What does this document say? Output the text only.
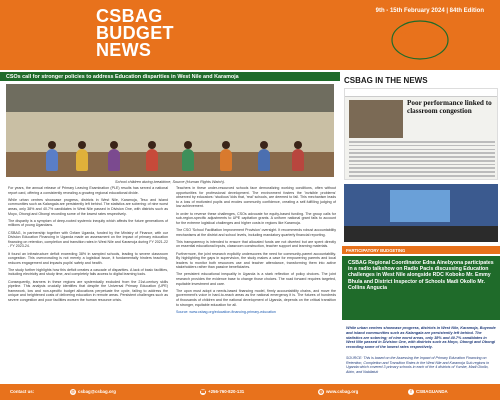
CSBAG
BUDGET
NEWS
9th - 15th February 2024 | 84th Edition
CSOs call for stronger policies to address Education disparities in West Nile and Karamoja
School children during breaktime, Source (Human Rights Watch).

For years, the annual release of Primary Leaving Examination (PLE) results has served a national report card, offering a consistently revealing a growing regional educational divide.

While urban centres showcase progress, districts in West Nile, Karamoja, Teso and island communities such as Kalangala are persistently left behind. The statistics are sobering: of nine worst areas, only 38% and 40.7% candidates in West Nile passed in Division One, with districts such as Moyo, Obongi and Obongi recording some of the lowest rates respectively.

The disparity is a symptom of deep-rooted systemic inequity which affects the future generations of millions of young Ugandans.

CSBAG, in partnership together with Oxfam Uganda, funded by the Ministry of Finance, with our Division Education Financing in Uganda made an assessment on the impact of primary education financing on retention, completion and transition rates in West Nile and Karamoja during FY 2021-22 - FY 2023-24.

It found an infrastructure deficit exceeding 38% in sampled schools, leading to severe classroom congestion. This overcrowding is not merely a logistical issue, it fundamentally hinders teaching, reduces engagement and impacts pupils' safety and health.

The study further highlights how this deficit creates a cascade of disparities. A lack of basic facilities, including electricity and study time, and completely fails access to digital learning tools.

Consequently, learners in these regions are systemically excluded from the 21st-century skills pipeline. This analysis crucially identifies that despite the Universal Primary Education (UPE) framework, low and non-specific budget allocations perpetuate the cycle, failing to address the unique and heightened costs of delivering education in remote areas. Persistent challenges such as severe congestion and poor facilities worsen the human resource crisis.

Teachers in these under-resourced schools face demoralizing working conditions, often without opportunities for professional development. The environment fosters the 'invisible problems' observed by educators: 'studious' kids that, 'real' schools, are deemed to fail. This mechanism leads to a loss of motivated pupils and erodes community confidence, creating a self-fulfilling judging of low achievement.

In order to reverse these challenges, CSOs advocate for equity-based funding. The group calls for sub-region-specific adjustments to UPE capitation grants. A uniform national grant fails to account for the extreme logistical challenges and higher costs in regions like Karamoja.

The CSO 'School Facilitation Improvement Provision' oversight. It recommends robust accountability mechanisms at the district and school levels, including mandatory quarterly financial reporting.

This transparency is intended to ensure that allocated funds are not diverted but are spent directly on essential educational inputs, classroom construction, teacher support and learning materials.

Furthermore, the joint research explicitly underscores the need for community-parent accountability. By highlighting the gaps in supervision, the study makes a case for empowering parents and local leaders to monitor both resources use and teacher attendance, transforming them into active stakeholders rather than passive beneficiaries.

The persistent educational inequality in Uganda is a stark reflection of policy choices. The joint research provides the evidence base to change those choices. The road forward requires targeted, equitable investment and care.

The upon must adopt a needs-based financing model, firmly accountability chains, and move the government's voice in hard-to-reach areas as the national emergency it is. The futures of hundreds of thousands of children and the national development of Uganda, depends on the critical transition to stronger, equitable education for all.

Source: www.csbag.org/education-financing-primary-education

CSBAG
CSBAG IN THE NEWS
Poor performance linked to classroom congestion
PARTICIPATORY BUDGETING

CSBAG Regional Coordinator Edna Ainebyona participates in a radio talkshow on Radio Pacis discussing Education challenges in West Nile alongside RDC Koboko Mr. Emmy Bhula and District Inspector of Schools Madi Okollo Mr. Collins Angucia

While urban centres showcase progress, districts in West Nile, Karamoja, Buyende and island communities such as Kalangala are persistently left behind. The statistics are sobering; of nine worst areas, only 38% and 40.7% candidates in West Nile passed in Division One, with districts such as Moyo, Obongi and Obongi recording some of the lowest rates respectively.
SOURCE: This is based on the Assessing the Impact of Primary Education Financing on Retention, Completion and Transition Rates in the West Nile and Karamoja Sub-regions in Uganda which covered 3 primary schools in each of the 4 districts of Yumbe, Madi Okollo, Abim, and Nabilatuk
Contact us:	@ csbag@csbag.org	☎ +256-760-820-131	◍ www.csbag.org	f CSBAGUANDA
